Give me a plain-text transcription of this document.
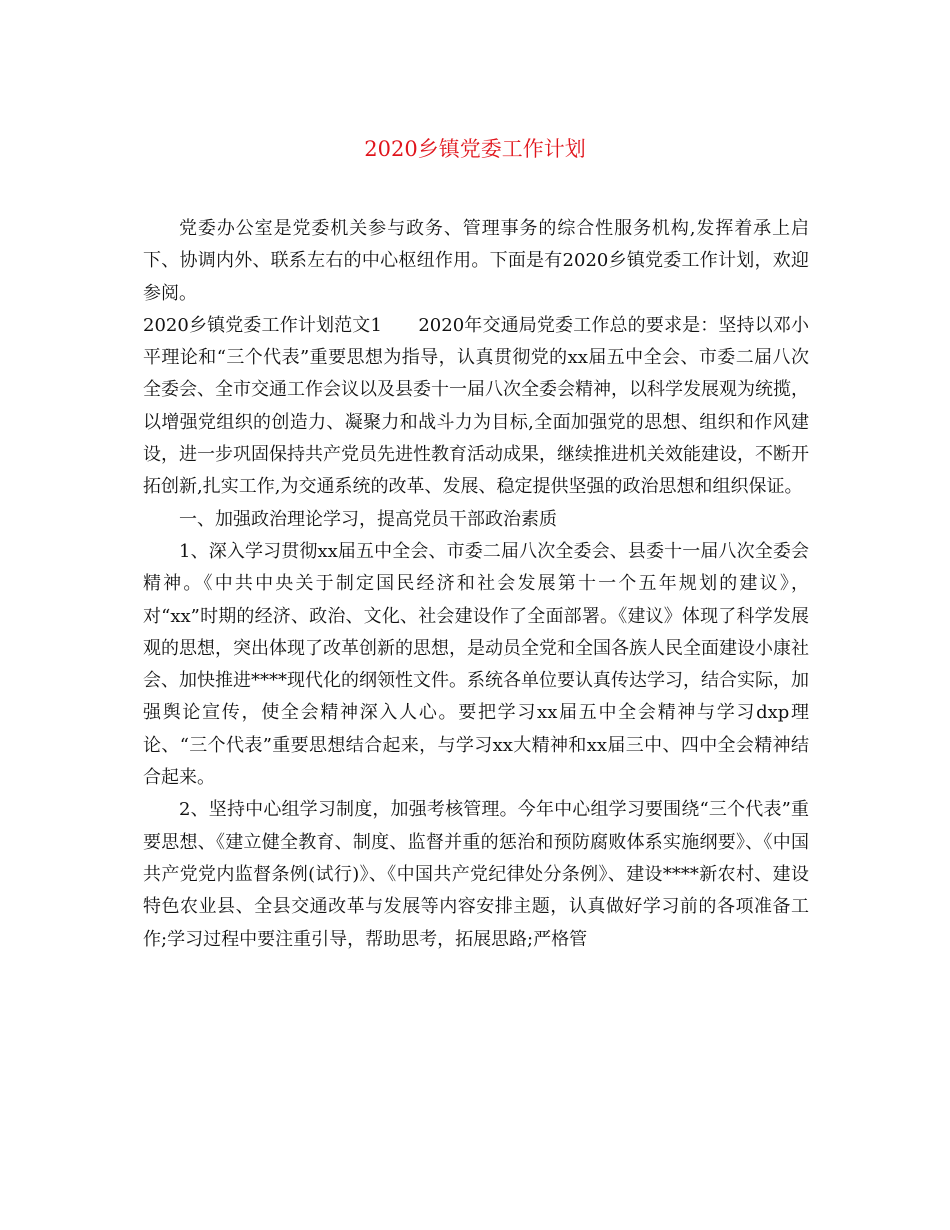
2020乡镇党委工作计划

党委办公室是党委机关参与政务、管理事务的综合性服务机构,发挥着承上启下、协调内外、联系左右的中心枢纽作用。下面是有2020乡镇党委工作计划，欢迎参阅。

2020乡镇党委工作计划范文1　　2020年交通局党委工作总的要求是：坚持以邓小平理论和“三个代表”重要思想为指导，认真贯彻党的xx届五中全会、市委二届八次全委会、全市交通工作会议以及县委十一届八次全委会精神，以科学发展观为统揽，以增强党组织的创造力、凝聚力和战斗力为目标,全面加强党的思想、组织和作风建设，进一步巩固保持共产党员先进性教育活动成果，继续推进机关效能建设，不断开拓创新,扎实工作,为交通系统的改革、发展、稳定提供坚强的政治思想和组织保证。

一、加强政治理论学习，提高党员干部政治素质

1、深入学习贯彻xx届五中全会、市委二届八次全委会、县委十一届八次全委会精神。《中共中央关于制定国民经济和社会发展第十一个五年规划的建议》，对“xx”时期的经济、政治、文化、社会建设作了全面部署。《建议》体现了科学发展观的思想，突出体现了改革创新的思想，是动员全党和全国各族人民全面建设小康社会、加快推进****现代化的纲领性文件。系统各单位要认真传达学习，结合实际，加强舆论宣传，使全会精神深入人心。要把学习xx届五中全会精神与学习dxp理论、“三个代表”重要思想结合起来，与学习xx大精神和xx届三中、四中全会精神结合起来。

2、坚持中心组学习制度，加强考核管理。今年中心组学习要围绕“三个代表”重要思想、《建立健全教育、制度、监督并重的惩治和预防腐败体系实施纲要》、《中国共产党党内监督条例(试行)》、《中国共产党纪律处分条例》、建设****新农村、建设特色农业县、全县交通改革与发展等内容安排主题，认真做好学习前的各项准备工作;学习过程中要注重引导，帮助思考，拓展思路;严格管
